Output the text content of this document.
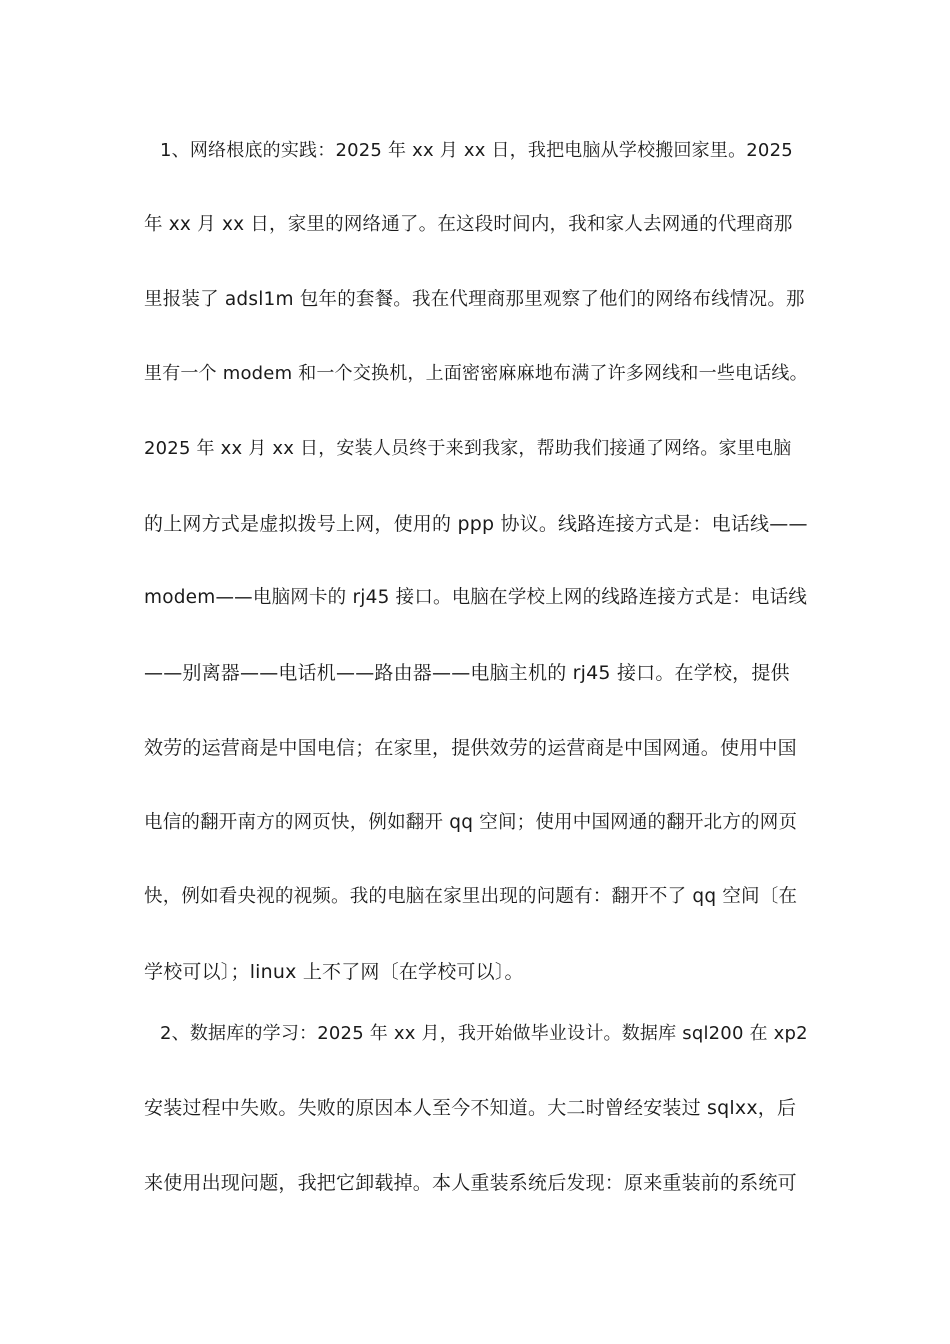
1、网络根底的实践：2025 年 xx 月 xx 日，我把电脑从学校搬回家里。2025
年 xx 月 xx 日，家里的网络通了。在这段时间内，我和家人去网通的代理商那
里报装了 adsl1m 包年的套餐。我在代理商那里观察了他们的网络布线情况。那
里有一个 modem 和一个交换机，上面密密麻麻地布满了许多网线和一些电话线。
2025 年 xx 月 xx 日，安装人员终于来到我家，帮助我们接通了网络。家里电脑
的上网方式是虚拟拨号上网，使用的 ppp 协议。线路连接方式是：电话线——
modem——电脑网卡的 rj45 接口。电脑在学校上网的线路连接方式是：电话线
——别离器——电话机——路由器——电脑主机的 rj45 接口。在学校，提供
效劳的运营商是中国电信；在家里，提供效劳的运营商是中国网通。使用中国
电信的翻开南方的网页快，例如翻开 qq 空间；使用中国网通的翻开北方的网页
快，例如看央视的视频。我的电脑在家里出现的问题有：翻开不了 qq 空间〔在
学校可以〕；linux 上不了网〔在学校可以〕。
2、数据库的学习：2025 年 xx 月，我开始做毕业设计。数据库 sql200 在 xp2
安装过程中失败。失败的原因本人至今不知道。大二时曾经安装过 sqlxx，后
来使用出现问题，我把它卸载掉。本人重装系统后发现：原来重装前的系统可
